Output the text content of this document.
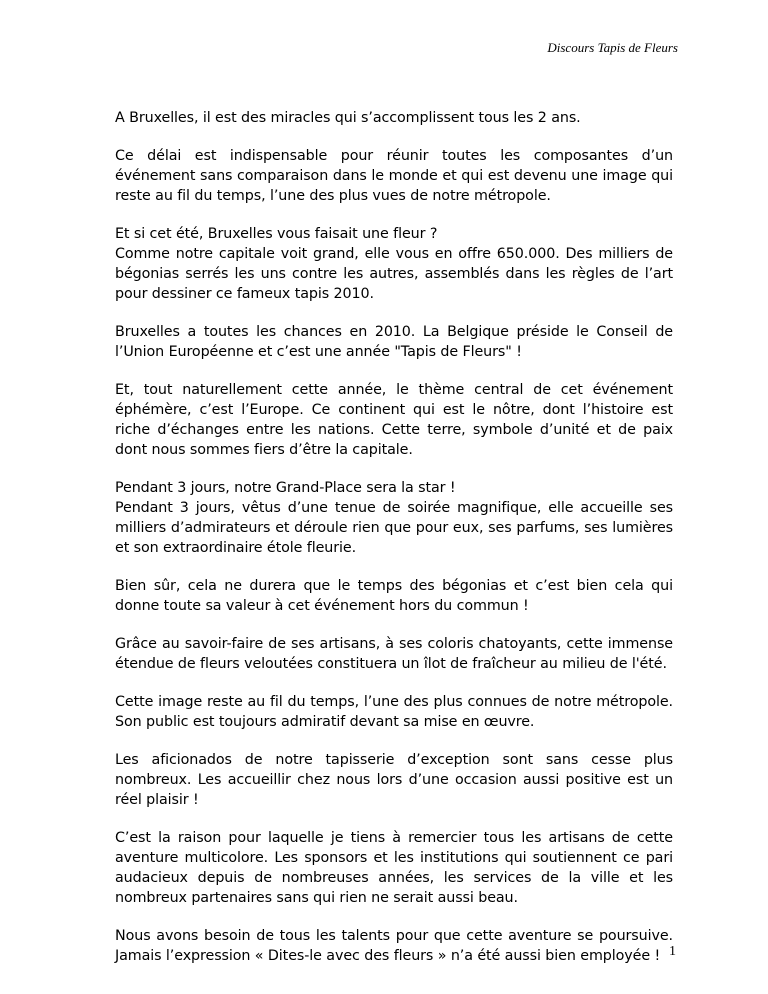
Discours Tapis de Fleurs

A Bruxelles, il est des miracles qui s’accomplissent tous les 2 ans.

Ce délai est indispensable pour réunir toutes les composantes d’un événement sans comparaison dans le monde et qui est devenu une image qui reste au fil du temps, l’une des plus vues de notre métropole.

Et si cet été, Bruxelles vous faisait une fleur ?
Comme notre capitale voit grand, elle vous en offre 650.000. Des milliers de bégonias serrés les uns contre les autres, assemblés dans les règles de l’art pour dessiner ce fameux tapis 2010.

Bruxelles a toutes les chances en 2010. La Belgique préside le Conseil de l’Union Européenne et c’est une année "Tapis de Fleurs" !

Et, tout naturellement cette année, le thème central de cet événement éphémère, c’est l’Europe. Ce continent qui est le nôtre, dont l’histoire est riche d’échanges entre les nations. Cette terre, symbole d’unité et de paix dont nous sommes fiers d’être la capitale.

Pendant 3 jours, notre Grand-Place sera la star !
Pendant 3 jours, vêtus d’une tenue de soirée magnifique, elle accueille ses milliers d’admirateurs et déroule rien que pour eux, ses parfums, ses lumières et son extraordinaire étole fleurie.

Bien sûr, cela ne durera que le temps des bégonias et c’est bien cela qui donne toute sa valeur à cet événement hors du commun !

Grâce au savoir-faire de ses artisans, à ses coloris chatoyants, cette immense étendue de fleurs veloutées constituera un îlot de fraîcheur au milieu de l'été.

Cette image reste au fil du temps, l’une des plus connues de notre métropole. Son public est toujours admiratif devant sa mise en œuvre.

Les aficionados de notre tapisserie d’exception sont sans cesse plus nombreux. Les accueillir chez nous lors d’une occasion aussi positive est un réel plaisir !

C’est la raison pour laquelle je tiens à remercier tous les artisans de cette aventure multicolore. Les sponsors et les institutions qui soutiennent ce pari audacieux depuis de nombreuses années, les services de la ville et les nombreux partenaires sans qui rien ne serait aussi beau.

Nous avons besoin de tous les talents pour que cette aventure se poursuive. Jamais l’expression « Dites-le avec des fleurs » n’a été aussi bien employée ! 1
